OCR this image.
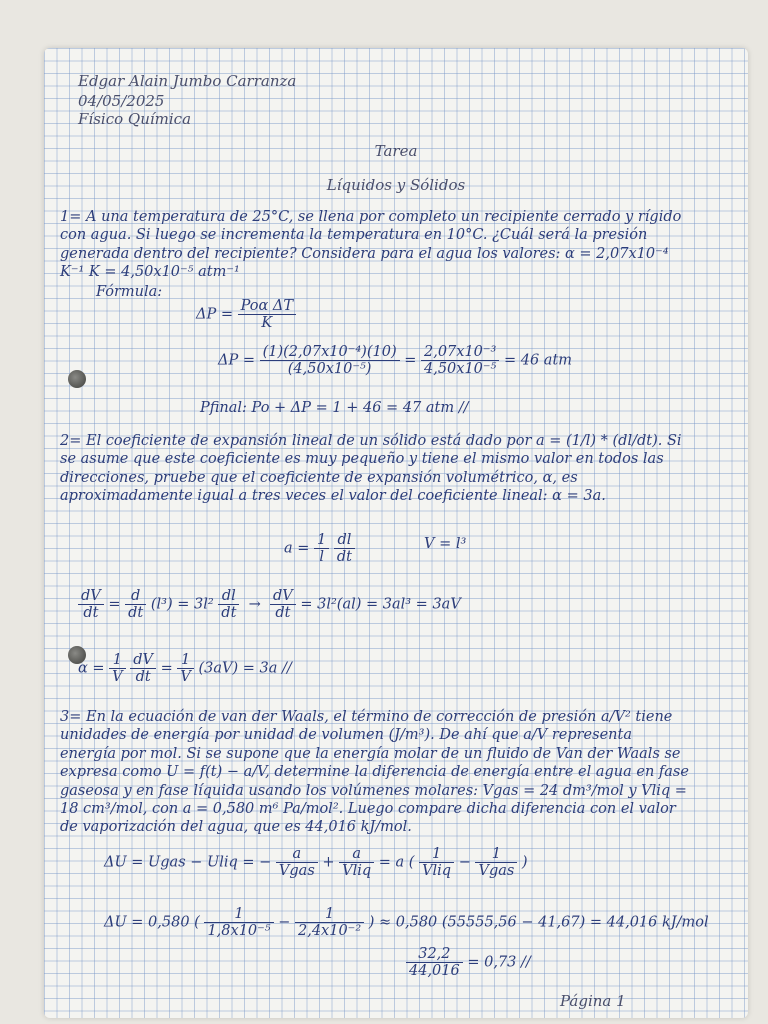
Edgar Alain Jumbo Carranza
04/05/2025
Físico Química
Tarea
Líquidos y Sólidos
1= A una temperatura de 25°C, se llena por completo un recipiente cerrado y rígido con agua. Si luego se incrementa la temperatura en 10°C. ¿Cuál será la presión generada dentro del recipiente? Considera para el agua los valores: α = 2,07x10⁻⁴ K⁻¹ K = 4,50x10⁻⁵ atm⁻¹
Fórmula:
$\Delta P = \frac{\text{Poα ΔT}}{K}$
$\Delta P = \frac{\text{(1)(2,07x10⁻⁴)(10)}}{\text{(4,50x10⁻⁵)}} = \frac{\text{2,07x10⁻³}}{\text{4,50x10⁻⁵}} = 46$ atm
Pfinal: Po + ΔP = 1 + 46 = 47 atm //
2= El coeficiente de expansión lineal de un sólido está dado por a = (1/l) * (dl/dt). Si se asume que este coeficiente es muy pequeño y tiene el mismo valor en todos las direcciones, pruebe que el coeficiente de expansión volumétrico, α, es aproximadamente igual a tres veces el valor del coeficiente lineal: α = 3a.
$a = \frac{1}{l}$
$\frac{dl}{dt}$	V = l³
$\frac{dV}{dt} = \frac{d}{dt} (l^3) = 3l^2 \frac{dl}{dt} \to \frac{dV}{dt} = 3l^2(al) = 3al^3 = 3aV$
$\alpha = \frac{1}{V}$
$\frac{dV}{dt} = \frac{1}{V} (3aV) = 3a$ //
3= En la ecuación de van der Waals, el término de corrección de presión a/V² tiene unidades de energía por unidad de volumen (J/m³). De ahí que a/V representa energía por mol. Si se supone que la energía molar de un fluido de Van der Waals se expresa como U = f(t) − a/V, determine la diferencia de energía entre el agua en fase gaseosa y en fase líquida usando los volúmenes molares: Vgas = 24 dm³/mol y Vliq = 18 cm³/mol, con a = 0,580 m⁶ Pa/mol². Luego compare dicha diferencia con el valor de vaporización del agua, que es 44,016 kJ/mol.
ΔU = Ugas − Uliq = − $\frac{a}{\text{Vgas}} + \frac{a}{\text{Vliq}} = a$ ( $\frac{1}{\text{Vliq}} - \frac{1}{\text{Vgas}}$ )
ΔU = 0,580 ( $\frac{1}{\text{1,8x10⁻⁵}} - \frac{1}{\text{2,4x10⁻²}}$ ) ≈ 0,580 (55555,56 − 41,67) = 44,016 kJ/mol
$\frac{32,2}{44,016} = 0,73$ //
Página 1
